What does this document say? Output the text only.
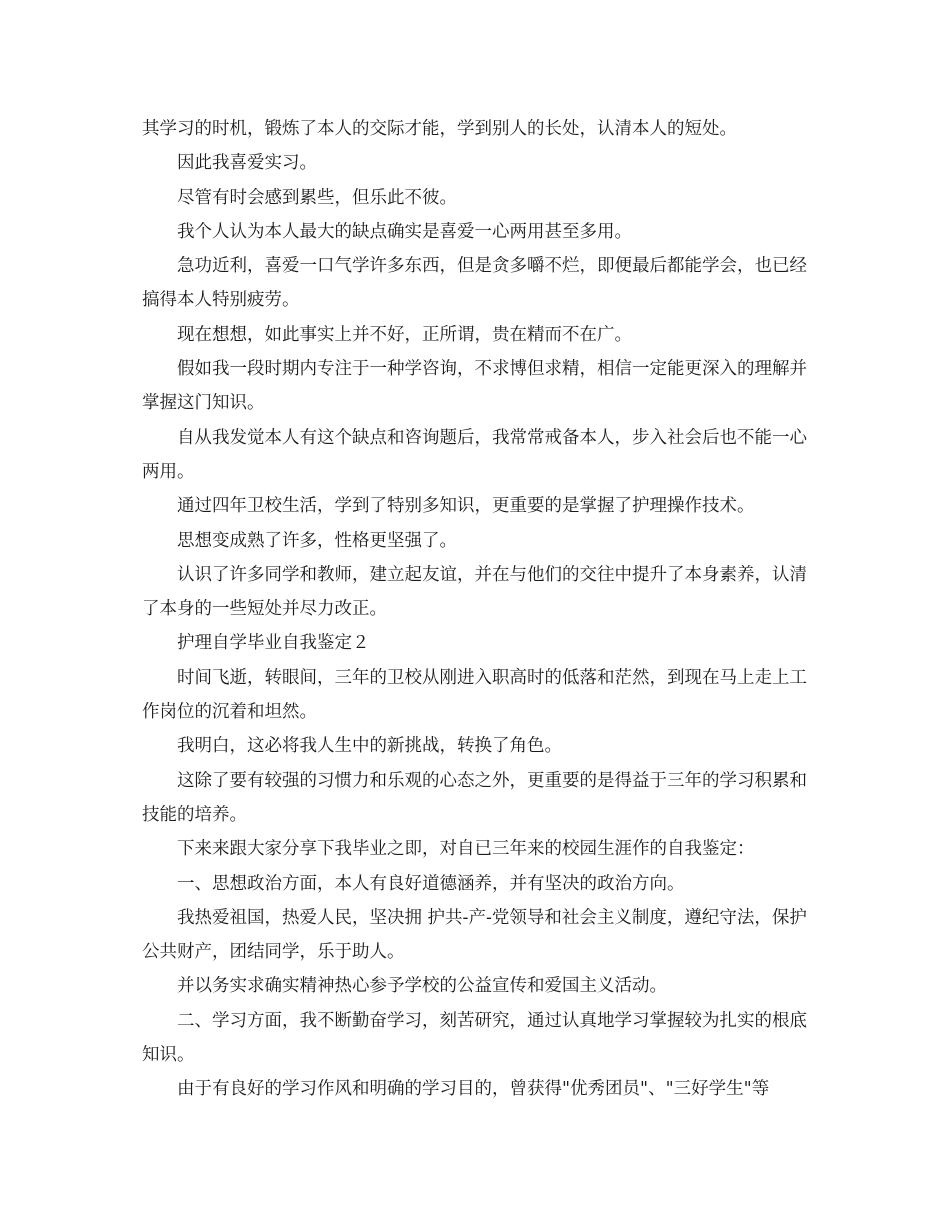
其学习的时机，锻炼了本人的交际才能，学到别人的长处，认清本人的短处。

因此我喜爱实习。

尽管有时会感到累些，但乐此不彼。

我个人认为本人最大的缺点确实是喜爱一心两用甚至多用。

急功近利，喜爱一口气学许多东西，但是贪多嚼不烂，即便最后都能学会，也已经搞得本人特别疲劳。

现在想想，如此事实上并不好，正所谓，贵在精而不在广。

假如我一段时期内专注于一种学咨询，不求博但求精，相信一定能更深入的理解并掌握这门知识。

自从我发觉本人有这个缺点和咨询题后，我常常戒备本人，步入社会后也不能一心两用。

通过四年卫校生活，学到了特别多知识，更重要的是掌握了护理操作技术。

思想变成熟了许多，性格更坚强了。

认识了许多同学和教师，建立起友谊，并在与他们的交往中提升了本身素养，认清了本身的一些短处并尽力改正。

护理自学毕业自我鉴定２

时间飞逝，转眼间，三年的卫校从刚进入职高时的低落和茫然，到现在马上走上工作岗位的沉着和坦然。

我明白，这必将我人生中的新挑战，转换了角色。

这除了要有较强的习惯力和乐观的心态之外，更重要的是得益于三年的学习积累和技能的培养。

下来来跟大家分享下我毕业之即，对自已三年来的校园生涯作的自我鉴定：

一、思想政治方面，本人有良好道德涵养，并有坚决的政治方向。

我热爱祖国，热爱人民，坚决拥 护共-产-党领导和社会主义制度，遵纪守法，保护公共财产，团结同学，乐于助人。

并以务实求确实精神热心参予学校的公益宣传和爱国主义活动。

二、学习方面，我不断勤奋学习，刻苦研究，通过认真地学习掌握较为扎实的根底知识。

由于有良好的学习作风和明确的学习目的，曾获得"优秀团员"、"三好学生"等
